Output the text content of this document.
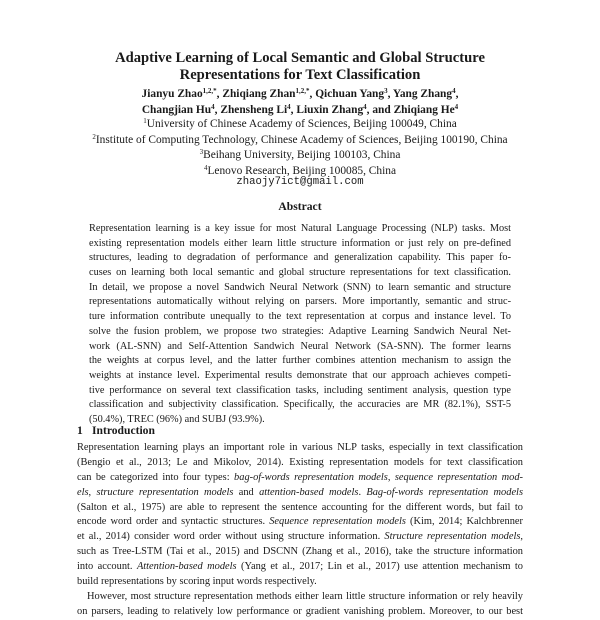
Adaptive Learning of Local Semantic and Global Structure
Representations for Text Classification
Jianyu Zhao$^{1,2,*}$, Zhiqiang Zhan$^{1,2,*}$, Qichuan Yang$^3$, Yang Zhang$^4$,
Changjian Hu$^4$, Zhensheng Li$^4$, Liuxin Zhang$^4$, and Zhiqiang He$^4$
$^1$University of Chinese Academy of Sciences, Beijing 100049, China
$^2$Institute of Computing Technology, Chinese Academy of Sciences, Beijing 100190, China
$^3$Beihang University, Beijing 100103, China
$^4$Lenovo Research, Beijing 100085, China
zhaojy7ict@gmail.com
Abstract
Representation learning is a key issue for most Natural Language Processing (NLP) tasks. Most
existing representation models either learn little structure information or just rely on pre-defined
structures, leading to degradation of performance and generalization capability. This paper fo-
cuses on learning both local semantic and global structure representations for text classification.
In detail, we propose a novel Sandwich Neural Network (SNN) to learn semantic and structure
representations automatically without relying on parsers. More importantly, semantic and struc-
ture information contribute unequally to the text representation at corpus and instance level. To
solve the fusion problem, we propose two strategies: Adaptive Learning Sandwich Neural Net-
work (AL-SNN) and Self-Attention Sandwich Neural Network (SA-SNN). The former learns
the weights at corpus level, and the latter further combines attention mechanism to assign the
weights at instance level. Experimental results demonstrate that our approach achieves competi-
tive performance on several text classification tasks, including sentiment analysis, question type
classification and subjectivity classification. Specifically, the accuracies are MR (82.1%), SST-5
(50.4%), TREC (96%) and SUBJ (93.9%).
1 Introduction
Representation learning plays an important role in various NLP tasks, especially in text classification
(Bengio et al., 2013; Le and Mikolov, 2014). Existing representation models for text classification
can be categorized into four types: bag-of-words representation models, sequence representation mod-
els, structure representation models and attention-based models. Bag-of-words representation models
(Salton et al., 1975) are able to represent the sentence accounting for the different words, but fail to
encode word order and syntactic structures. Sequence representation models (Kim, 2014; Kalchbrenner
et al., 2014) consider word order without using structure information. Structure representation models,
such as Tree-LSTM (Tai et al., 2015) and DSCNN (Zhang et al., 2016), take the structure information
into account. Attention-based models (Yang et al., 2017; Lin et al., 2017) use attention mechanism to
build representations by scoring input words respectively.
However, most structure representation methods either learn little structure information or rely heavily
on parsers, leading to relatively low performance or gradient vanishing problem. Moreover, to our best
